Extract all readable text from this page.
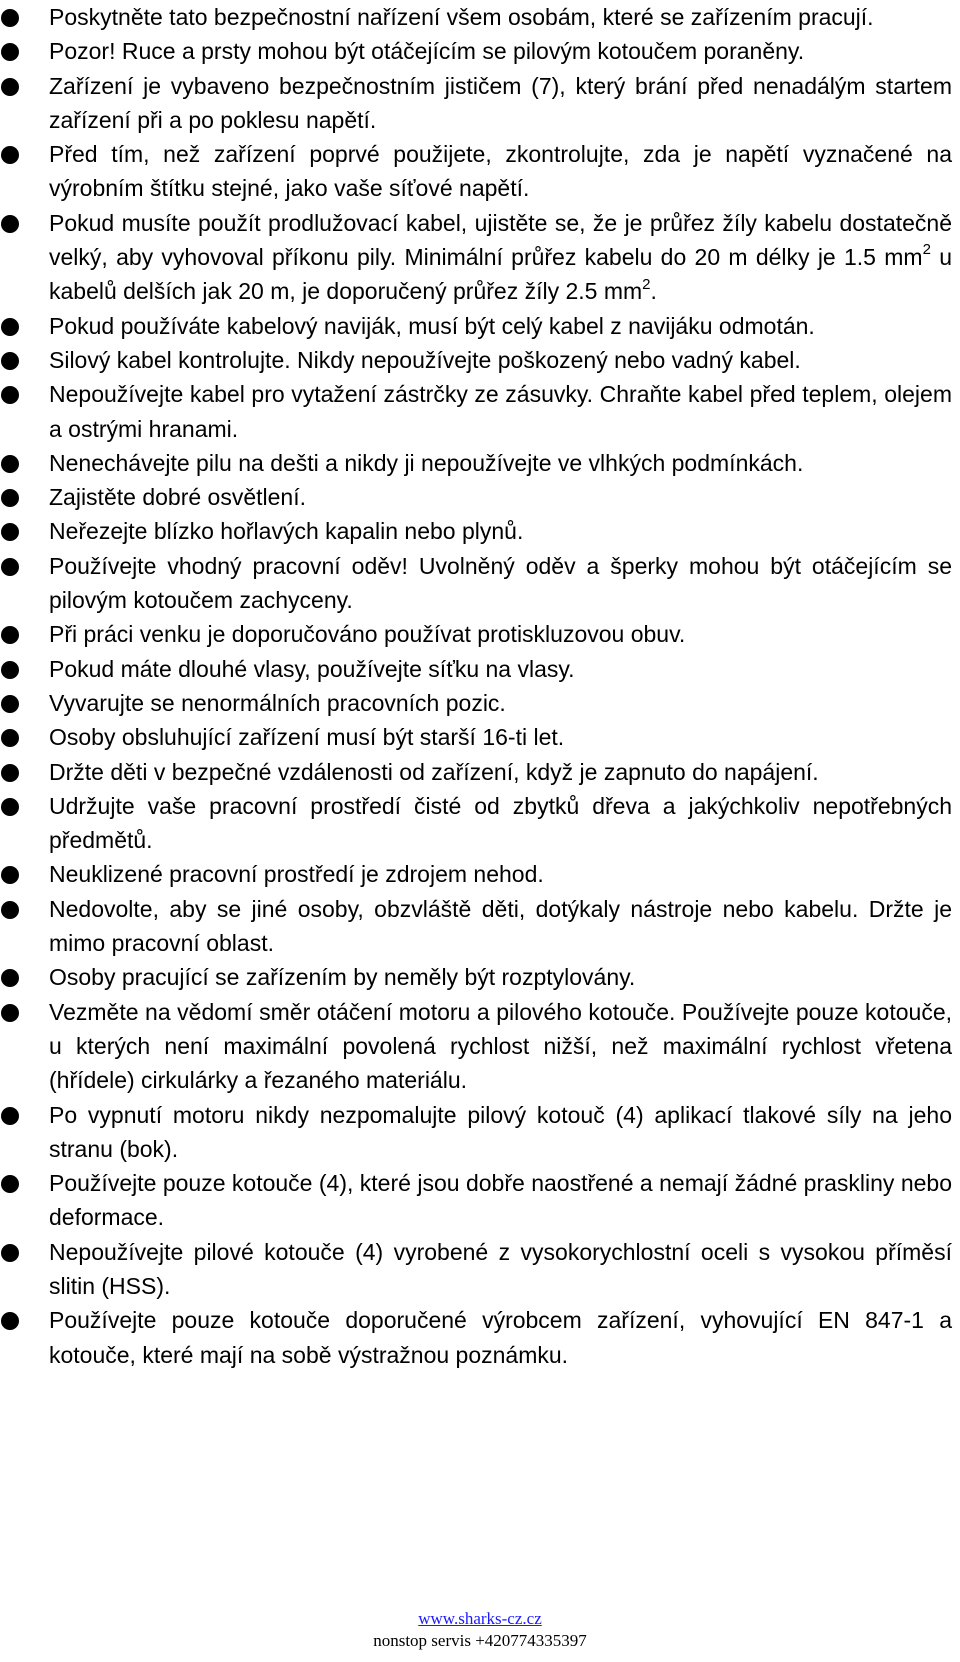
Poskytněte tato bezpečnostní nařízení všem osobám, které se zařízením pracují.
Pozor! Ruce a prsty mohou být otáčejícím se pilovým kotoučem poraněny.
Zařízení je vybaveno bezpečnostním jističem (7), který brání před nenadálým startem zařízení při a po poklesu napětí.
Před tím, než zařízení poprvé použijete, zkontrolujte, zda je napětí vyznačené na výrobním štítku stejné, jako vaše síťové napětí.
Pokud musíte použít prodlužovací kabel, ujistěte se, že je průřez žíly kabelu dostatečně velký, aby vyhovoval příkonu pily. Minimální průřez kabelu do 20 m délky je 1.5 $mm^2$ u kabelů delších jak 20 m, je doporučený průřez žíly 2.5 $mm^2$.
Pokud používáte kabelový naviják, musí být celý kabel z navijáku odmotán.
Silový kabel kontrolujte. Nikdy nepoužívejte poškozený nebo vadný kabel.
Nepoužívejte kabel pro vytažení zástrčky ze zásuvky. Chraňte kabel před teplem, olejem a ostrými hranami.
Nenechávejte pilu na dešti a nikdy ji nepoužívejte ve vlhkých podmínkách.
Zajistěte dobré osvětlení.
Neřezejte blízko hořlavých kapalin nebo plynů.
Používejte vhodný pracovní oděv! Uvolněný oděv a šperky mohou být otáčejícím se pilovým kotoučem zachyceny.
Při práci venku je doporučováno používat protiskluzovou obuv.
Pokud máte dlouhé vlasy, používejte síťku na vlasy.
Vyvarujte se nenormálních pracovních pozic.
Osoby obsluhující zařízení musí být starší 16-ti let.
Držte děti v bezpečné vzdálenosti od zařízení, když je zapnuto do napájení.
Udržujte vaše pracovní prostředí čisté od zbytků dřeva a jakýchkoliv nepotřebných předmětů.
Neuklizené pracovní prostředí je zdrojem nehod.
Nedovolte, aby se jiné osoby, obzvláště děti, dotýkaly nástroje nebo kabelu. Držte je mimo pracovní oblast.
Osoby pracující se zařízením by neměly být rozptylovány.
Vezměte na vědomí směr otáčení motoru a pilového kotouče. Používejte pouze kotouče, u kterých není maximální povolená rychlost nižší, než maximální rychlost vřetena (hřídele) cirkulárky a řezaného materiálu.
Po vypnutí motoru nikdy nezpomalujte pilový kotouč (4) aplikací tlakové síly na jeho stranu (bok).
Používejte pouze kotouče (4), které jsou dobře naostřené a nemají žádné praskliny nebo deformace.
Nepoužívejte pilové kotouče (4) vyrobené z vysokorychlostní oceli s vysokou příměsí slitin (HSS).
Používejte pouze kotouče doporučené výrobcem zařízení, vyhovující EN 847-1 a kotouče, které mají na sobě výstražnou poznámku.
www.sharks-cz.cz
nonstop servis +420774335397
